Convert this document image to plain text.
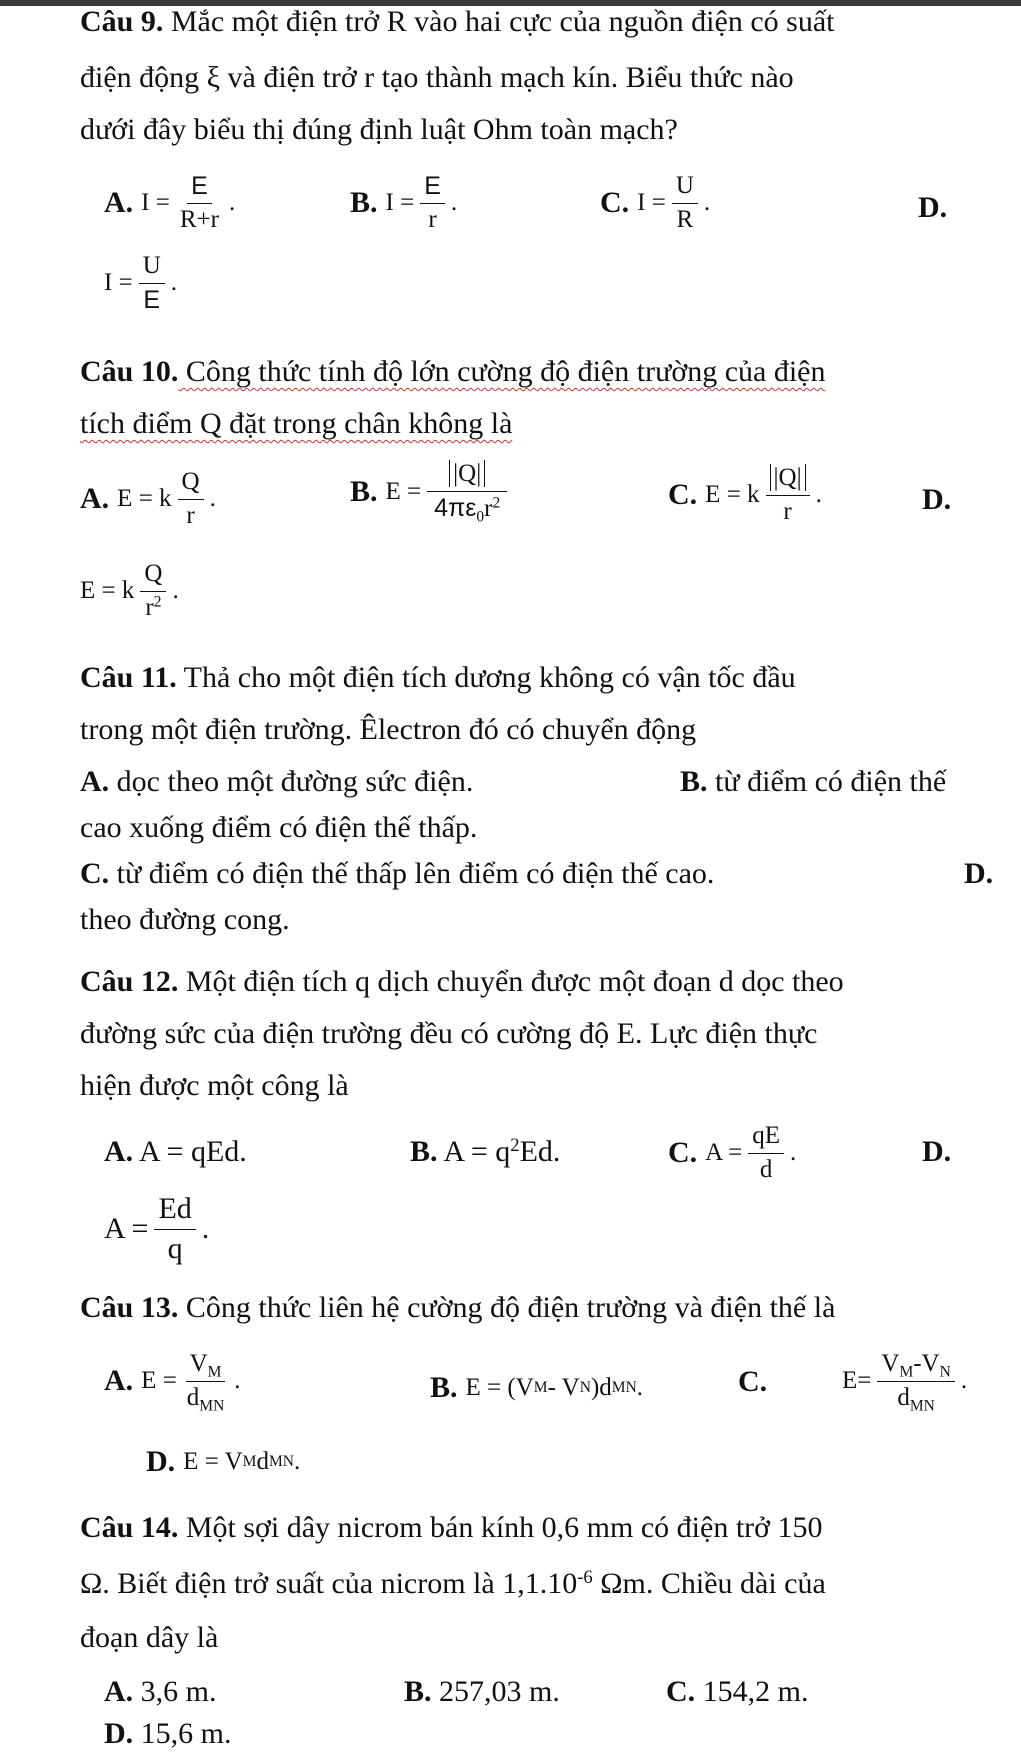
Câu 9. Mắc một điện trở R vào hai cực của nguồn điện có suất
điện động ξ và điện trở r tạo thành mạch kín. Biểu thức nào
dưới đây biểu thị đúng định luật Ohm toàn mạch?
A. $I = \frac{E}{R+r}$ .	B. $I = \frac{E}{r}$ .	C. $I = \frac{U}{R}$ .	D.
$I = \frac{U}{E}$ .
Câu 10. Công thức tính độ lớn cường độ điện trường của điện
tích điểm Q đặt trong chân không là
A. E = k $\frac{Q}{r}$ .	B. $E = \frac{|Q|}{4\pi\varepsilon_0r^2}$	C. E = k $\frac{|Q|}{r}$ .	D.
E = k $\frac{Q}{r^2}$ .
Câu 11. Thả cho một điện tích dương không có vận tốc đầu
trong một điện trường. Êlectron đó có chuyển động
A. dọc theo một đường sức điện.	B. từ điểm có điện thế
cao xuống điểm có điện thế thấp.
C. từ điểm có điện thế thấp lên điểm có điện thế cao.	D.
theo đường cong.
Câu 12. Một điện tích q dịch chuyển được một đoạn d dọc theo
đường sức của điện trường đều có cường độ E. Lực điện thực
hiện được một công là
A. A = qEd.	B. $A = q^2Ed$.	C. $A = \frac{qE}{d}$ .	D.
$A = \frac{Ed}{q}$ .
Câu 13. Công thức liên hệ cường độ điện trường và điện thế là
A. $E = \frac{V_M}{d_{MN}}$ .	B. E = (V M - V N )d MN .	C.	$E= \frac{V_M-V_N}{d_{MN}}$ .
D. E = V M d MN .
Câu 14. Một sợi dây nicrom bán kính 0,6 mm có điện trở 150
Ω. Biết điện trở suất của nicrom là $1,1.10^{-6}$ Ωm. Chiều dài của
đoạn dây là
A. 3,6 m.	B. 257,03 m.	C. 154,2 m.
D. 15,6 m.
